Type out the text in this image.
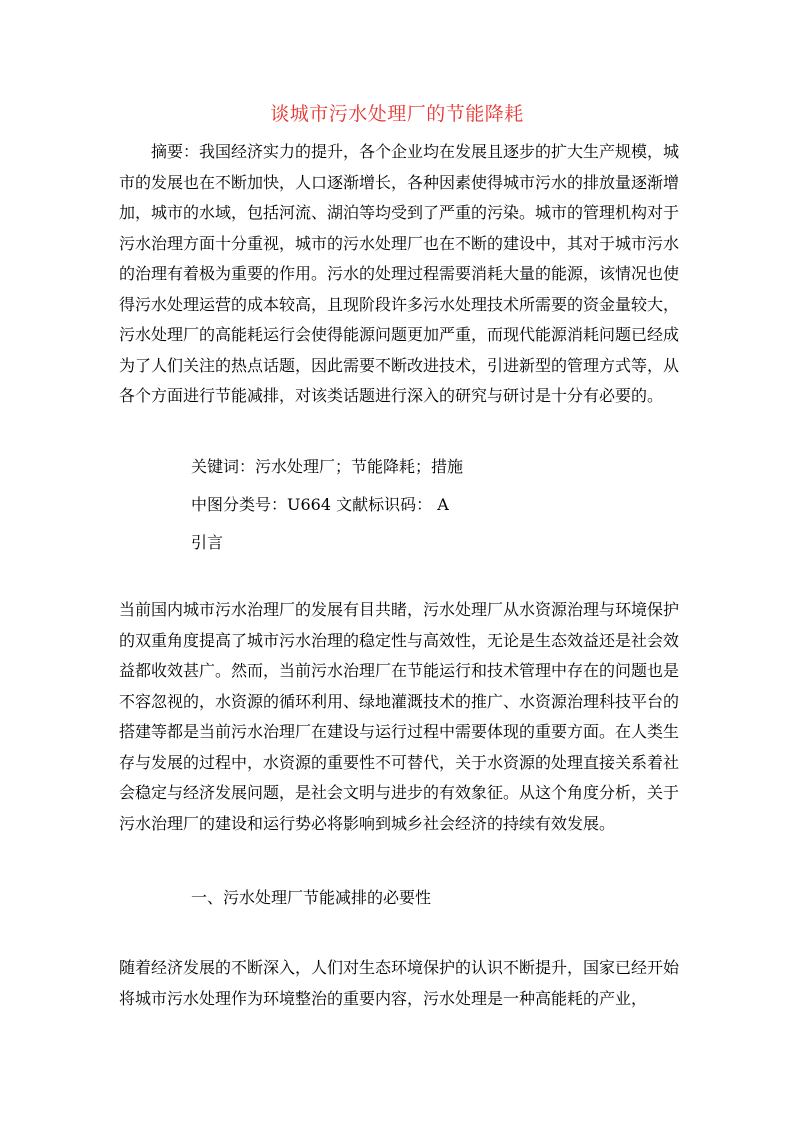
谈城市污水处理厂的节能降耗

摘要：我国经济实力的提升，各个企业均在发展且逐步的扩大生产规模，城市的发展也在不断加快，人口逐渐增长，各种因素使得城市污水的排放量逐渐增加，城市的水域，包括河流、湖泊等均受到了严重的污染。城市的管理机构对于污水治理方面十分重视，城市的污水处理厂也在不断的建设中，其对于城市污水的治理有着极为重要的作用。污水的处理过程需要消耗大量的能源，该情况也使得污水处理运营的成本较高，且现阶段许多污水处理技术所需要的资金量较大，污水处理厂的高能耗运行会使得能源问题更加严重，而现代能源消耗问题已经成为了人们关注的热点话题，因此需要不断改进技术，引进新型的管理方式等，从各个方面进行节能减排，对该类话题进行深入的研究与研讨是十分有必要的。

关键词：污水处理厂；节能降耗；措施

中图分类号：U664 文献标识码： A

引言

当前国内城市污水治理厂的发展有目共睹，污水处理厂从水资源治理与环境保护的双重角度提高了城市污水治理的稳定性与高效性，无论是生态效益还是社会效益都收效甚广。然而，当前污水治理厂在节能运行和技术管理中存在的问题也是不容忽视的，水资源的循环利用、绿地灌溉技术的推广、水资源治理科技平台的搭建等都是当前污水治理厂在建设与运行过程中需要体现的重要方面。在人类生存与发展的过程中，水资源的重要性不可替代，关于水资源的处理直接关系着社会稳定与经济发展问题，是社会文明与进步的有效象征。从这个角度分析，关于污水治理厂的建设和运行势必将影响到城乡社会经济的持续有效发展。

一、污水处理厂节能减排的必要性

随着经济发展的不断深入，人们对生态环境保护的认识不断提升，国家已经开始将城市污水处理作为环境整治的重要内容，污水处理是一种高能耗的产业，
